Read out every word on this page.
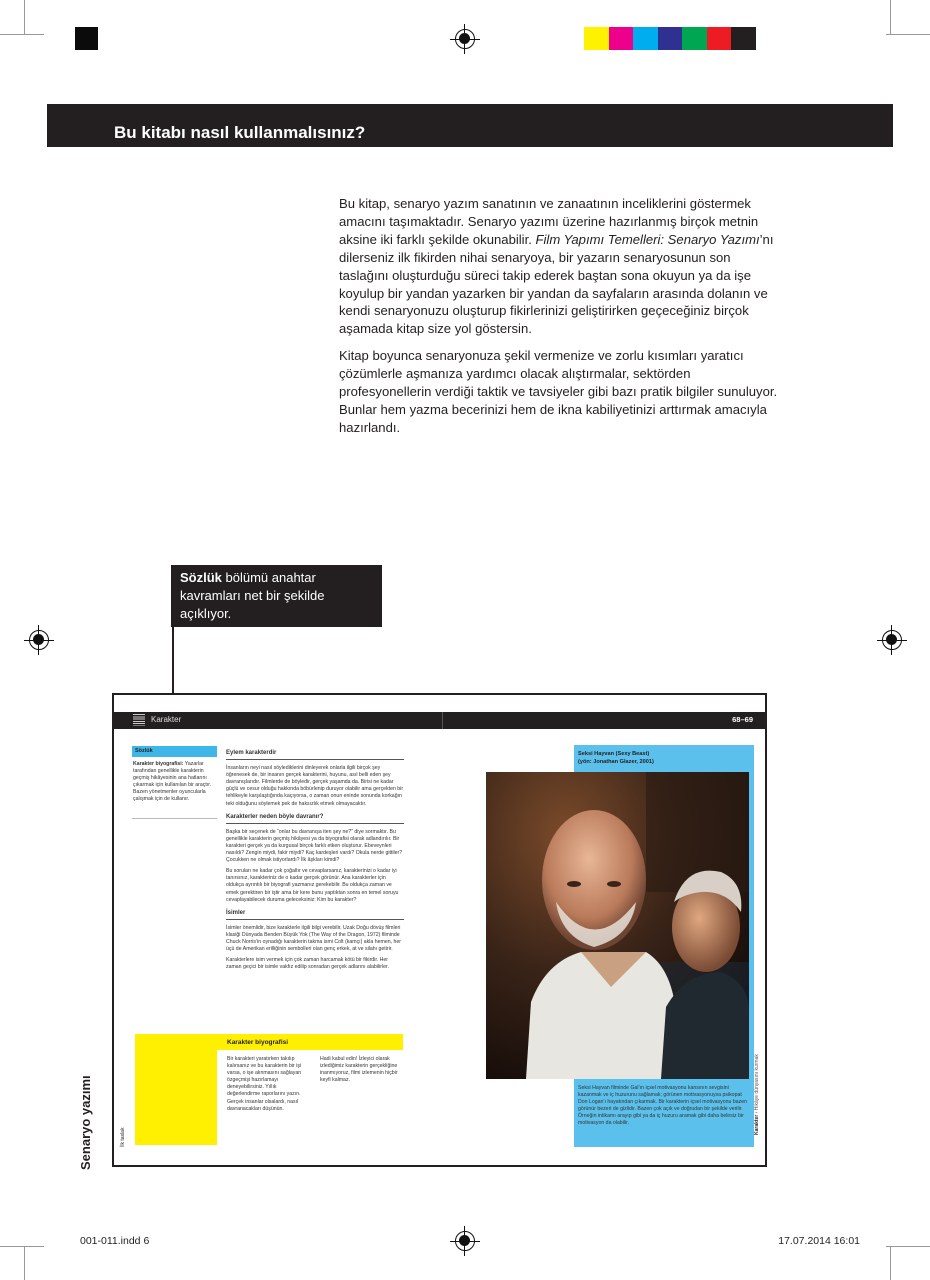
Bu kitabı nasıl kullanmalısınız?

Bu kitap, senaryo yazım sanatının ve zanaatının inceliklerini göstermek amacını taşımaktadır. Senaryo yazımı üzerine hazırlanmış birçok metnin aksine iki farklı şekilde okunabilir. Film Yapımı Temelleri: Senaryo Yazımı’nı dilerseniz ilk fikirden nihai senaryoya, bir yazarın senaryosunun son taslağını oluşturduğu süreci takip ederek baştan sona okuyun ya da işe koyulup bir yandan yazarken bir yandan da sayfaların arasında dolanın ve kendi senaryonuzu oluşturup fikirlerinizi geliştirirken geçeceğiniz birçok aşamada kitap size yol göstersin.

Kitap boyunca senaryonuza şekil vermenize ve zorlu kısımları yaratıcı çözümlerle aşmanıza yardımcı olacak alıştırmalar, sektörden profesyonellerin verdiği taktik ve tavsiyeler gibi bazı pratik bilgiler sunuluyor. Bunlar hem yazma becerinizi hem de ikna kabiliyetinizi arttırmak amacıyla hazırlandı.

Sözlük bölümü anahtar kavramları net bir şekilde açıklıyor.
Karakter	68–69
Sözlük
Karakter biyografisi: Yazarlar tarafından genellikle karakterin geçmiş hikâyesinin ana hatlarını çıkarmak için kullanılan bir araçtır. Bazen yönetmenler oyuncularla çalışmak için de kullanır.
Eylem karakterdir
İnsanların neyi nasıl söylediklerini dinleyerek onlarla ilgili birçok şey öğrenesek de, bir insanın gerçek karakterini, huyunu, asıl belli eden şey davranışlarıdır. Filmlerde de böyledir, gerçek yaşamda da. Birisi ne kadar güçlü ve cesur olduğu hakkında böbürlenip duruyor olabilir ama gerçekten bir tehlikeyle karşılaştığında kaçıyorsa, o zaman onun eninde sonunda korkağın teki olduğunu söylemek pek de haksızlık etmek olmayacaktır.
Karakterler neden böyle davranır?
Başka bir seçenek de “onlar bu davranışa iten şey ne?” diye sormaktır. Bu genellikle karakterin geçmiş hikâyesi ya da biyografisi olarak adlandırılır. Bir karakteri gerçek ya da kurgusal birçok farklı etken oluşturur. Ebeveynleri nasıldı? Zengin miydi, fakir miydi? Kaç kardeşleri vardı? Okula nerde gittiler? Çocukken ne olmak istiyorlardı? İlk âşkları kimdi?
Bu soruları ne kadar çok çoğaltır ve cevaplarsanız, karakterinizi o kadar iyi tanırsınız, karakteriniz de o kadar gerçek görünür. Ana karakterler için oldukça ayrıntılı bir biyografi yazmanız gerekebilir. Bu oldukça zaman ve emek gerektiren bir iştir ama bir kere bunu yaptıktan sonra en temel soruyu cevaplayabilecek duruma geleceksiniz: Kim bu karakter?
İsimler
İsimler önemlidir, bize karakterle ilgili bilgi verebilir. Uzak Doğu dövüş filmleri klasiği Dünyada Benden Büyük Yok (The Way of the Dragon, 1972) filminde Chuck Norris’in oynadığı karakterin takma ismi Colt (kamçı) akla hemen, her üçü de Amerikan erilliğinin sembolleri olan genç erkek, at ve silahı getirir.
Karakterlere isim vermek için çok zaman harcamak kötü bir fikirdir. Her zaman geçici bir isimle vakfız edilip sonradan gerçek adlarını alabilirler.
Karakter biyografisi
Bir karakteri yaratırken takılıp kalırsanız ve bu karakterin bir işi varsa, o işe alınmasını sağlayan özgeçmişi hazırlamayı deneyebilirsiniz. Yıllık değerlendirme raporlarını yazın. Gerçek insanlar olsalardı, nasıl davranacakları düşünün.
Hadi kabul edin! İzleyici olarak izlediğimiz karakterin gerçekliğine inanmıyoruz, filmi izlemenin hiçbir keyfi kalmaz.
Seksi Hayvan (Sexy Beast)
(yön: Jonathan Glazer, 2001)
Seksi Hayvan filminde Gal’ın içsel motivasyonu kansının sevgisini kazanmak ve iç huzurunu sağlamak; görünen motivasyonuysa psikopat Don Logan’ı hayatından çıkarmak. Bir karakterin içsel motivasyonu bazen görünür bezeri de gizlidir. Bazen çok açık ve doğrudan bir şekilde verilir. Örneğin intikamı arayıp gibi ya da iç huzuru aramak gibi daha belirsiz bir motivasyon da olabilir.	Karakter › Hikâye dünyasını kurmak
İlk taslak
Senaryo yazımı
001-011.indd 6	17.07.2014 16:01
